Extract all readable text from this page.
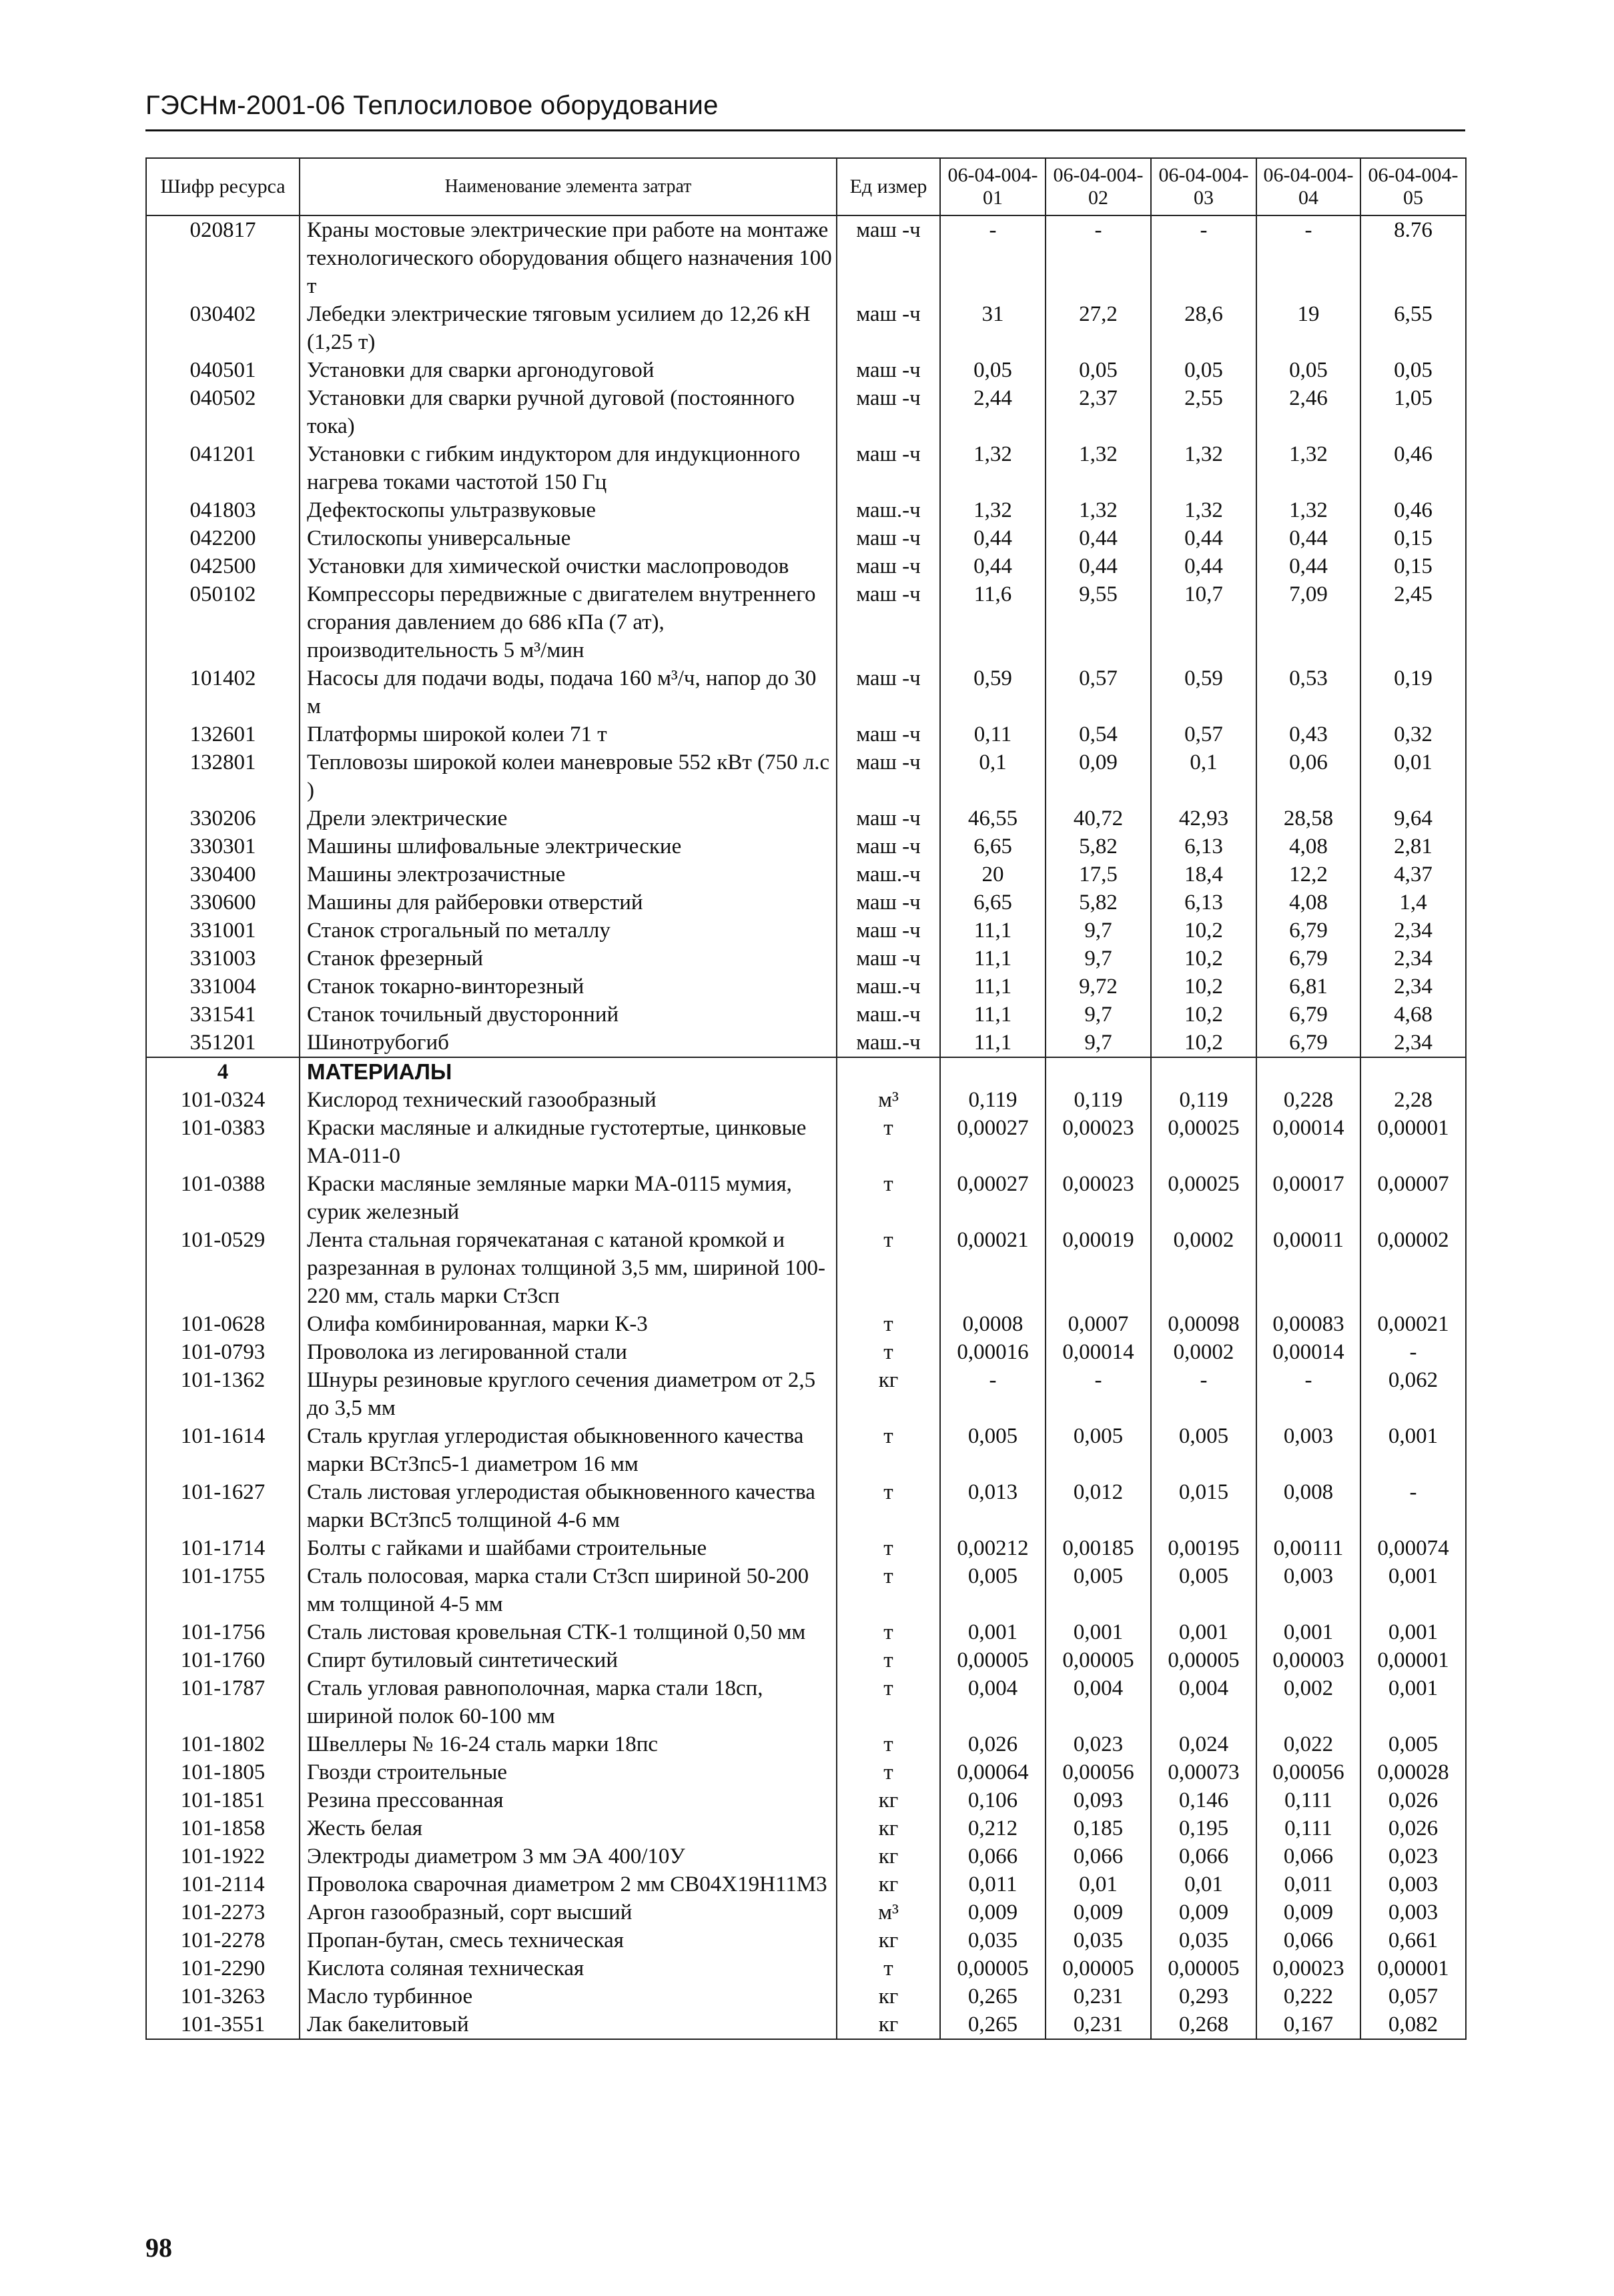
ГЭСНм-2001-06 Теплосиловое оборудование
Шифр ресурса	Наименование элемента затрат	Ед измер	06-04-004-01	06-04-004-02	06-04-004-03	06-04-004-04	06-04-004-05
020817	Краны мостовые электрические при работе на монтаже технологического оборудования общего назначения 100 т	маш -ч	-	-	-	-	8.76
030402	Лебедки электрические тяговым усилием до 12,26 кН (1,25 т)	маш -ч	31	27,2	28,6	19	6,55
040501	Установки для сварки аргонодуговой	маш -ч	0,05	0,05	0,05	0,05	0,05
040502	Установки для сварки ручной дуговой (постоянного тока)	маш -ч	2,44	2,37	2,55	2,46	1,05
041201	Установки с гибким индуктором для индукционного нагрева токами частотой 150 Гц	маш -ч	1,32	1,32	1,32	1,32	0,46
041803	Дефектоскопы ультразвуковые	маш.-ч	1,32	1,32	1,32	1,32	0,46
042200	Стилоскопы универсальные	маш -ч	0,44	0,44	0,44	0,44	0,15
042500	Установки для химической очистки маслопроводов	маш -ч	0,44	0,44	0,44	0,44	0,15
050102	Компрессоры передвижные с двигателем внутреннего сгорания давлением до 686 кПа (7 ат), производительность 5 м³/мин	маш -ч	11,6	9,55	10,7	7,09	2,45
101402	Насосы для подачи воды, подача 160 м³/ч, напор до 30 м	маш -ч	0,59	0,57	0,59	0,53	0,19
132601	Платформы широкой колеи 71 т	маш -ч	0,11	0,54	0,57	0,43	0,32
132801	Тепловозы широкой колеи маневровые 552 кВт (750 л.с )	маш -ч	0,1	0,09	0,1	0,06	0,01
330206	Дрели электрические	маш -ч	46,55	40,72	42,93	28,58	9,64
330301	Машины шлифовальные электрические	маш -ч	6,65	5,82	6,13	4,08	2,81
330400	Машины электрозачистные	маш.-ч	20	17,5	18,4	12,2	4,37
330600	Машины для райберовки отверстий	маш -ч	6,65	5,82	6,13	4,08	1,4
331001	Станок строгальный по металлу	маш -ч	11,1	9,7	10,2	6,79	2,34
331003	Станок фрезерный	маш -ч	11,1	9,7	10,2	6,79	2,34
331004	Станок токарно-винторезный	маш.-ч	11,1	9,72	10,2	6,81	2,34
331541	Станок точильный двусторонний	маш.-ч	11,1	9,7	10,2	6,79	4,68
351201	Шинотрубогиб	маш.-ч	11,1	9,7	10,2	6,79	2,34
4	МАТЕРИАЛЫ						
101-0324	Кислород технический газообразный	м³	0,119	0,119	0,119	0,228	2,28
101-0383	Краски масляные и алкидные густотертые, цинковые МА-011-0	т	0,00027	0,00023	0,00025	0,00014	0,00001
101-0388	Краски масляные земляные марки МА-0115 мумия, сурик железный	т	0,00027	0,00023	0,00025	0,00017	0,00007
101-0529	Лента стальная горячекатаная с катаной кромкой и разрезанная в рулонах толщиной 3,5 мм, шириной 100-220 мм, сталь марки Ст3сп	т	0,00021	0,00019	0,0002	0,00011	0,00002
101-0628	Олифа комбинированная, марки К-3	т	0,0008	0,0007	0,00098	0,00083	0,00021
101-0793	Проволока из легированной стали	т	0,00016	0,00014	0,0002	0,00014	-
101-1362	Шнуры резиновые круглого сечения диаметром от 2,5 до 3,5 мм	кг	-	-	-	-	0,062
101-1614	Сталь круглая углеродистая обыкновенного качества марки ВСт3пс5-1 диаметром 16 мм	т	0,005	0,005	0,005	0,003	0,001
101-1627	Сталь листовая углеродистая обыкновенного качества марки ВСт3пс5 толщиной 4-6 мм	т	0,013	0,012	0,015	0,008	-
101-1714	Болты с гайками и шайбами строительные	т	0,00212	0,00185	0,00195	0,00111	0,00074
101-1755	Сталь полосовая, марка стали Ст3сп шириной 50-200 мм толщиной 4-5 мм	т	0,005	0,005	0,005	0,003	0,001
101-1756	Сталь листовая кровельная СТК-1 толщиной 0,50 мм	т	0,001	0,001	0,001	0,001	0,001
101-1760	Спирт бутиловый синтетический	т	0,00005	0,00005	0,00005	0,00003	0,00001
101-1787	Сталь угловая равнополочная, марка стали 18сп, шириной полок 60-100 мм	т	0,004	0,004	0,004	0,002	0,001
101-1802	Швеллеры № 16-24 сталь марки 18пс	т	0,026	0,023	0,024	0,022	0,005
101-1805	Гвозди строительные	т	0,00064	0,00056	0,00073	0,00056	0,00028
101-1851	Резина прессованная	кг	0,106	0,093	0,146	0,111	0,026
101-1858	Жесть белая	кг	0,212	0,185	0,195	0,111	0,026
101-1922	Электроды диаметром 3 мм ЭА 400/10У	кг	0,066	0,066	0,066	0,066	0,023
101-2114	Проволока сварочная диаметром 2 мм СВ04Х19Н11М3	кг	0,011	0,01	0,01	0,011	0,003
101-2273	Аргон газообразный, сорт высший	м³	0,009	0,009	0,009	0,009	0,003
101-2278	Пропан-бутан, смесь техническая	кг	0,035	0,035	0,035	0,066	0,661
101-2290	Кислота соляная техническая	т	0,00005	0,00005	0,00005	0,00023	0,00001
101-3263	Масло турбинное	кг	0,265	0,231	0,293	0,222	0,057
101-3551	Лак бакелитовый	кг	0,265	0,231	0,268	0,167	0,082
98
